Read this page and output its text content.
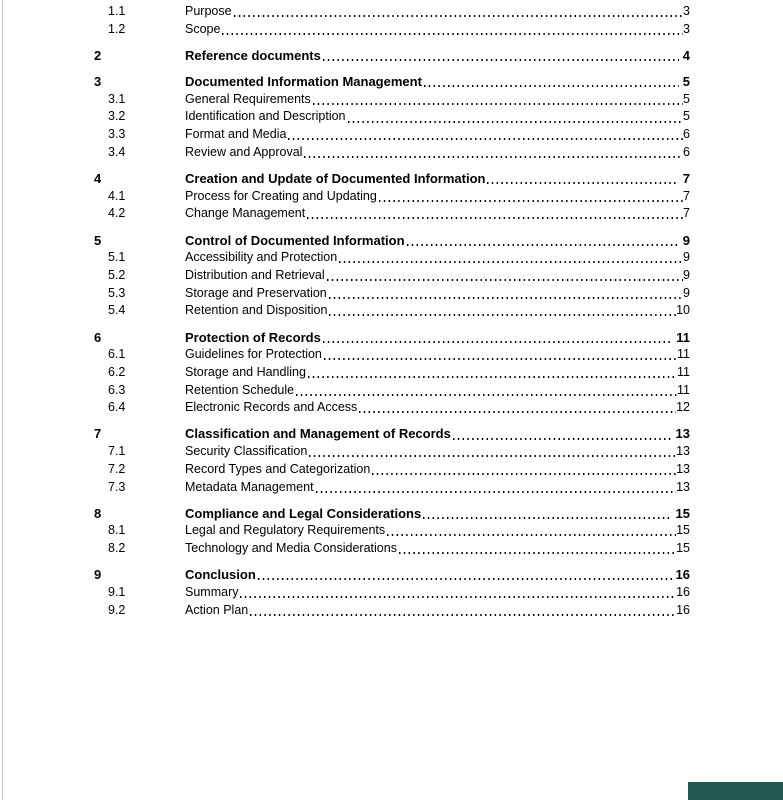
1.1	Purpose	3
1.2	Scope	3
2	Reference documents	4
3	Documented Information Management	5
3.1	General Requirements	5
3.2	Identification and Description	5
3.3	Format and Media	6
3.4	Review and Approval	6
4	Creation and Update of Documented Information	7
4.1	Process for Creating and Updating	7
4.2	Change Management	7
5	Control of Documented Information	9
5.1	Accessibility and Protection	9
5.2	Distribution and Retrieval	9
5.3	Storage and Preservation	9
5.4	Retention and Disposition	10
6	Protection of Records	11
6.1	Guidelines for Protection	11
6.2	Storage and Handling	11
6.3	Retention Schedule	11
6.4	Electronic Records and Access	12
7	Classification and Management of Records	13
7.1	Security Classification	13
7.2	Record Types and Categorization	13
7.3	Metadata Management	13
8	Compliance and Legal Considerations	15
8.1	Legal and Regulatory Requirements	15
8.2	Technology and Media Considerations	15
9	Conclusion	16
9.1	Summary	16
9.2	Action Plan	16
